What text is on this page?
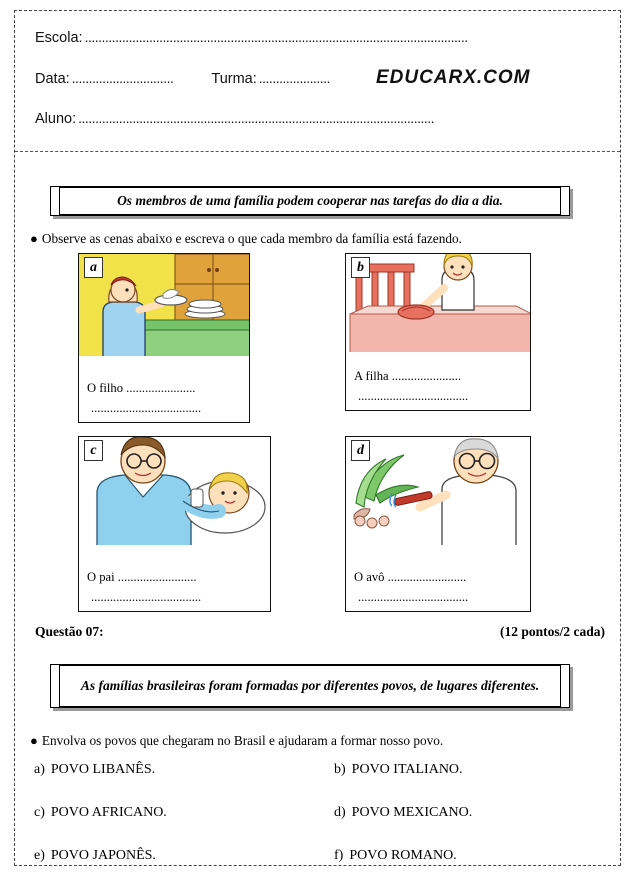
Escola: .................................................................................................................
Data: ..............................	Turma: ..................... EDUCARX.COM
Aluno: .........................................................................................................
Os membros de uma família podem cooperar nas tarefas do dia a dia.
● Observe as cenas abaixo e escreva o que cada membro da família está fazendo.
a
O filho ......................
...................................
b
A filha ......................
...................................
c
O pai .........................
...................................
d
O avô .........................
...................................
Questão 07:	(12 pontos/2 cada)
As famílias brasileiras foram formadas por diferentes povos, de lugares diferentes.
● Envolva os povos que chegaram no Brasil e ajudaram a formar nosso povo.
a) POVO LIBANÊS.	b) POVO ITALIANO.
c) POVO AFRICANO.	d) POVO MEXICANO.
e) POVO JAPONÊS.	f) POVO ROMANO.
